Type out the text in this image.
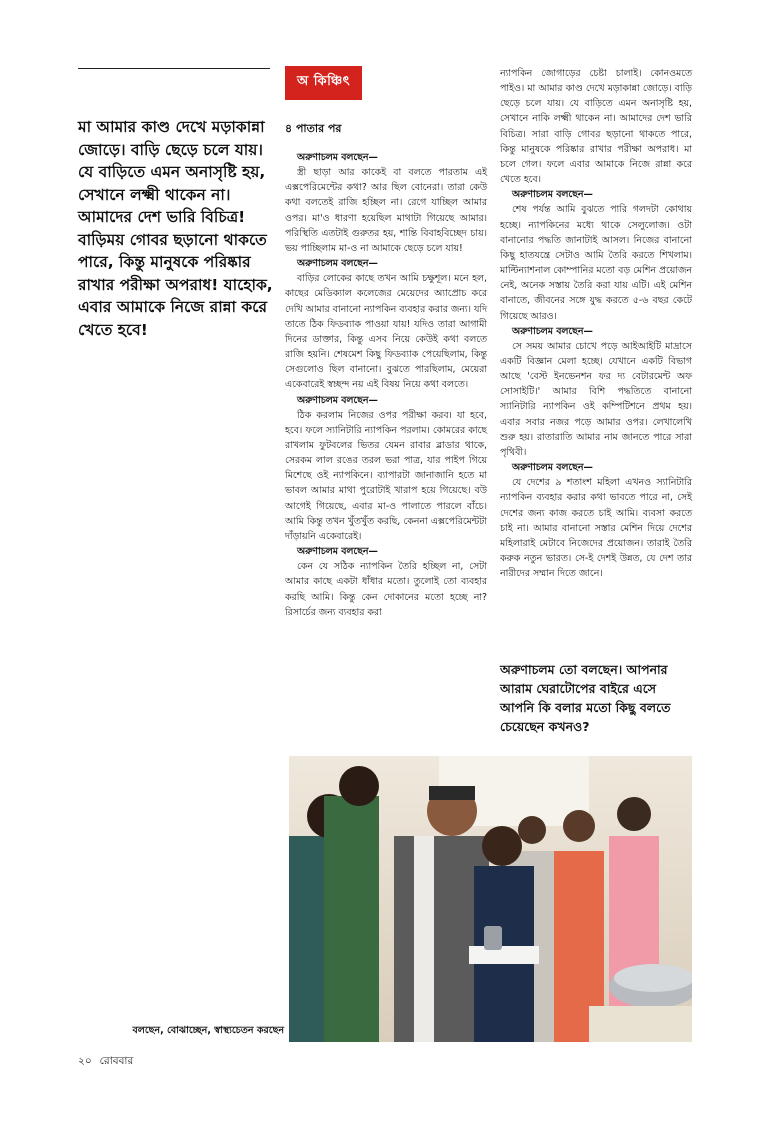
মা আমার কাণ্ড দেখে মড়াকান্না জোড়ে। বাড়ি ছেড়ে চলে যায়। যে বাড়িতে এমন অনাসৃষ্টি হয়, সেখানে লক্ষ্মী থাকেন না। আমাদের দেশ ভারি বিচিত্র! বাড়িময় গোবর ছড়ানো থাকতে পারে, কিন্তু মানুষকে পরিষ্কার রাখার পরীক্ষা অপরাধ! যাহোক, এবার আমাকে নিজে রান্না করে খেতে হবে!

অ কিঞ্চিৎ
৪ পাতার পর

অরুণাচলম বলছেন—

স্ত্রী ছাড়া আর কাকেই বা বলতে পারতাম এই এক্সপেরিমেন্টের কথা? আর ছিল বোনেরা। তারা কেউ কথা বলতেই রাজি হচ্ছিল না। রেগে যাচ্ছিল আমার ওপর। মা'ও ধারণা হয়েছিল মাথাটা গিয়েছে আমার। পরিস্থিতি এতটাই গুরুতর হয়, শান্তি বিবাহবিচ্ছেদ চায়। ভয় পাচ্ছিলাম মা-ও না আমাকে ছেড়ে চলে যায়!

অরুণাচলম বলছেন—

বাড়ির লোকের কাছে তখন আমি চক্ষুশূল। মনে হল, কাছের মেডিক্যাল কলেজের মেয়েদের অ্যাপ্রোচ করে দেখি আমার বানানো ন্যাপকিন ব্যবহার করার জন্য। যদি তাতে ঠিক ফিডব্যাক পাওয়া যায়! যদিও তারা আগামী দিনের ডাক্তার, কিন্তু এসব নিয়ে কেউই কথা বলতে রাজি হয়নি। শেষমেশ কিছু ফিডব্যাক পেয়েছিলাম, কিন্তু সেগুলোও ছিল বানানো। বুঝতে পারছিলাম, মেয়েরা একেবারেই স্বচ্ছন্দ নয় এই বিষয় নিয়ে কথা বলতে।

অরুণাচলম বলছেন—

ঠিক করলাম নিজের ওপর পরীক্ষা করব। যা হবে, হবে। ফলে স্যানিটারি ন্যাপকিন পরলাম। কোমরের কাছে রাখলাম ফুটবলের ভিতর যেমন রাবার ব্লাডার থাকে, সেরকম লাল রঙের তরল ভরা পাত্র, যার পাইপ গিয়ে মিশেছে ওই ন্যাপকিনে। ব্যাপারটা জানাজানি হতে মা ভাবল আমার মাথা পুরোটাই খারাপ হয়ে গিয়েছে। বউ আগেই গিয়েছে, এবার মা-ও পালাতে পারলে বাঁচে। আমি কিন্তু তখন খুঁতখুঁত করছি, কেননা এক্সপেরিমেন্টটা দাঁড়ায়নি একেবারেই।

অরুণাচলম বলছেন—

কেন যে সঠিক ন্যাপকিন তৈরি হচ্ছিল না, সেটা আমার কাছে একটা ধাঁধার মতো। তুলোই তো ব্যবহার করছি আমি। কিন্তু কেন দোকানের মতো হচ্ছে না? রিসার্চের জন্য ব্যবহার করা

ন্যাপকিন জোগাড়ের চেষ্টা চালাই। কোনওমতে পাইও। মা আমার কাণ্ড দেখে মড়াকান্না জোড়ে। বাড়ি ছেড়ে চলে যায়। যে বাড়িতে এমন অনাসৃষ্টি হয়, সেখানে নাকি লক্ষ্মী থাকেন না। আমাদের দেশ ভারি বিচিত্র। সারা বাড়ি গোবর ছড়ানো থাকতে পারে, কিন্তু মানুষকে পরিষ্কার রাখার পরীক্ষা অপরাধ। মা চলে গেল। ফলে এবার আমাকে নিজে রান্না করে খেতে হবে।

অরুণাচলম বলছেন—

শেষ পর্যন্ত আমি বুঝতে পারি গলদটা কোথায় হচ্ছে। ন্যাপকিনের মধ্যে থাকে সেলুলোজ। ওটা বানানোর পদ্ধতি জানাটাই আসল। নিজের বানানো কিছু হাতযন্ত্রে সেটাও আমি তৈরি করতে শিখলাম। মাল্টিন্যাশনাল কোম্পানির মতো বড় মেশিন প্রয়োজন নেই, অনেক সস্তায় তৈরি করা যায় এটি। এই মেশিন বানাতে, জীবনের সঙ্গে যুদ্ধ করতে ৫-৬ বছর কেটে গিয়েছে আরও।

অরুণাচলম বলছেন—

সে সময় আমার চোখে পড়ে আইআইটি মাদ্রাসে একটি বিজ্ঞান মেলা হচ্ছে। যেখানে একটি বিভাগ আছে 'বেস্ট ইনভেনশন ফর দ্য বেটারমেন্ট অফ সোসাইটি।' আমার বিশি পদ্ধতিতে বানানো স্যানিটারি ন্যাপকিন ওই কম্পিটিশনে প্রথম হয়। এবার সবার নজর পড়ে আমার ওপর। লেখালেখি শুরু হয়। রাতারাতি আমার নাম জানতে পারে সারা পৃথিবী।

অরুণাচলম বলছেন—

যে দেশের ৯ শতাংশ মহিলা এখনও স্যানিটারি ন্যাপকিন ব্যবহার করার কথা ভাবতে পারে না, সেই দেশের জন্য কাজ করতে চাই আমি। ব্যবসা করতে চাই না। আমার বানানো সস্তার মেশিন দিয়ে দেশের মহিলারাই মেটাবে নিজেদের প্রয়োজন। তারাই তৈরি করুক নতুন ভারত। সে-ই দেশই উন্নত, যে দেশ তার নারীদের সম্মান দিতে জানে।

অরুণাচলম তো বলছেন। আপনার আরাম ঘেরাটোপের বাইরে এসে আপনি কি বলার মতো কিছু বলতে চেয়েছেন কখনও?

বলছেন, বোঝাচ্ছেন, স্বাস্থ্যচেতন করছেন
২০ রোববার
